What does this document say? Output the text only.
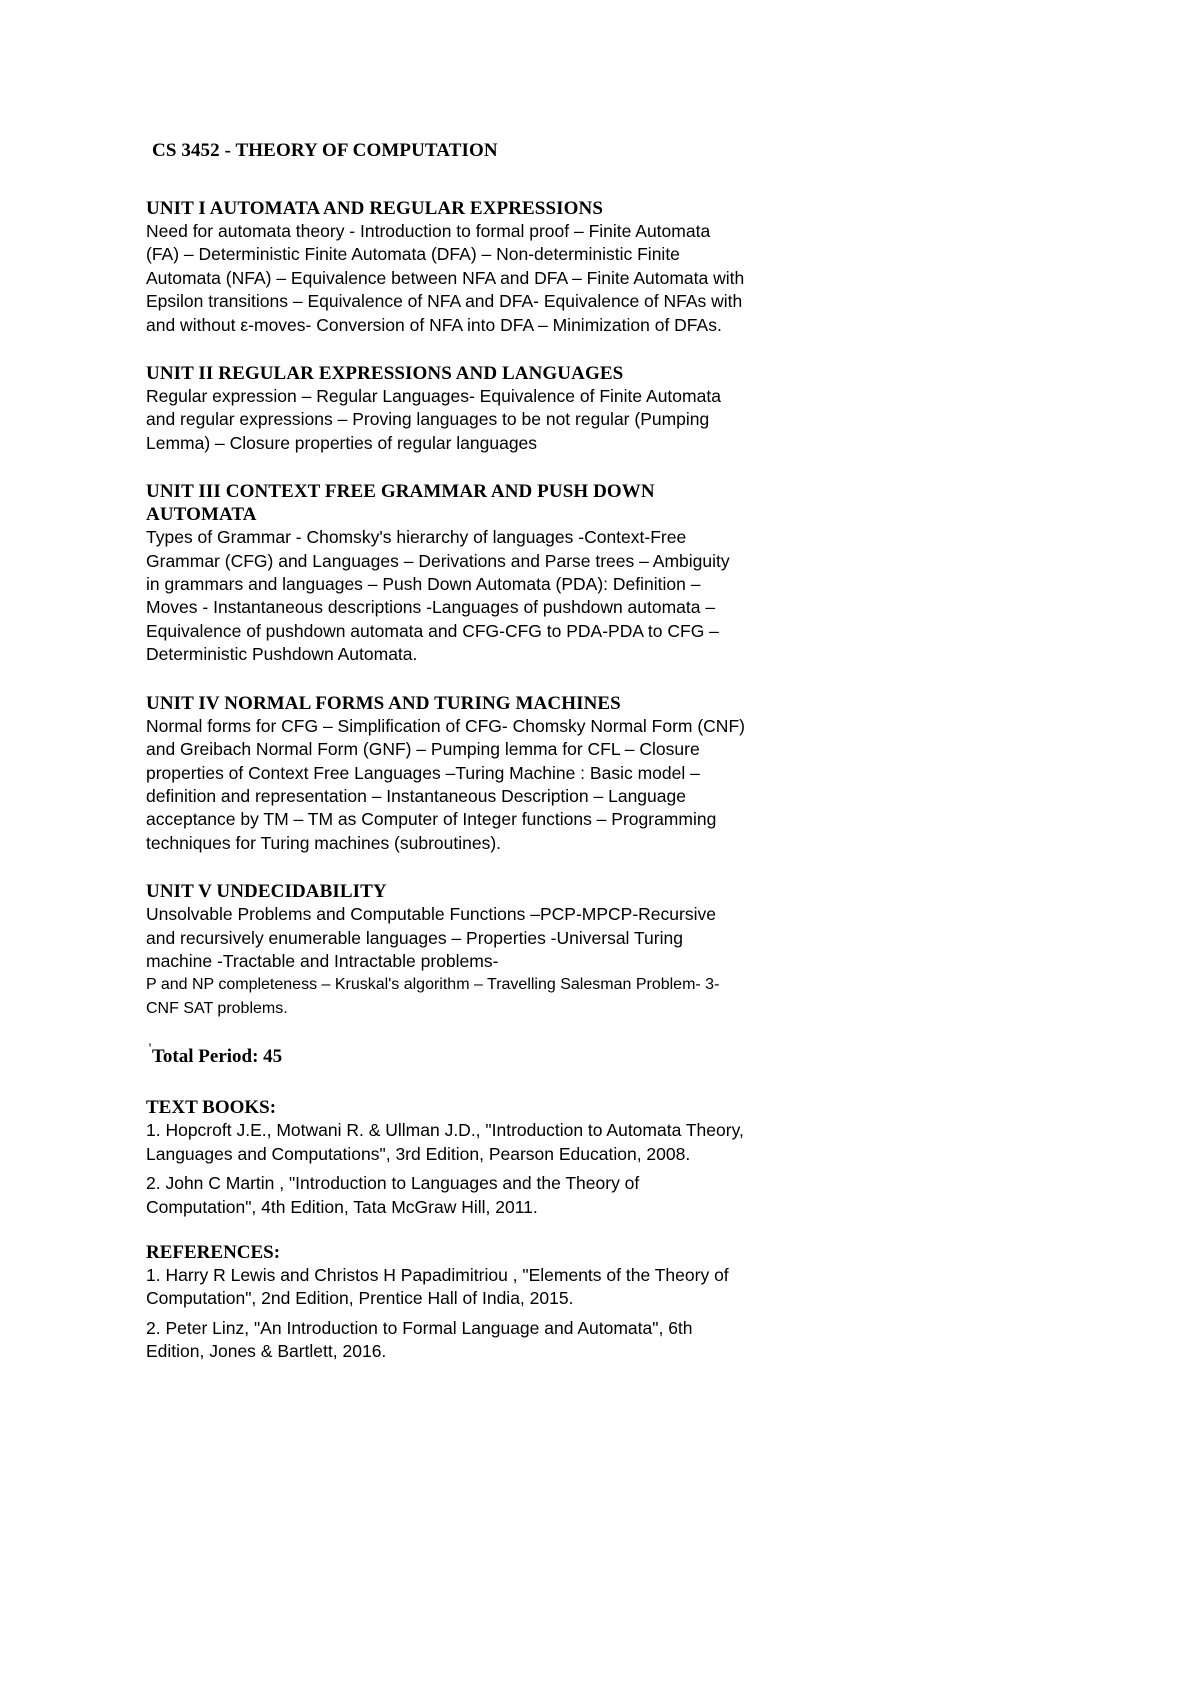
CS 3452 - THEORY OF COMPUTATION
UNIT I AUTOMATA AND REGULAR EXPRESSIONS
Need for automata theory - Introduction to formal proof – Finite Automata (FA) – Deterministic Finite Automata (DFA) – Non-deterministic Finite Automata (NFA) – Equivalence between NFA and DFA – Finite Automata with Epsilon transitions – Equivalence of NFA and DFA- Equivalence of NFAs with and without ε-moves- Conversion of NFA into DFA – Minimization of DFAs.
UNIT II REGULAR EXPRESSIONS AND LANGUAGES
Regular expression – Regular Languages- Equivalence of Finite Automata and regular expressions – Proving languages to be not regular (Pumping Lemma) – Closure properties of regular languages
UNIT III CONTEXT FREE GRAMMAR AND PUSH DOWN AUTOMATA
Types of Grammar - Chomsky's hierarchy of languages -Context-Free Grammar (CFG) and Languages – Derivations and Parse trees – Ambiguity in grammars and languages – Push Down Automata (PDA): Definition – Moves - Instantaneous descriptions -Languages of pushdown automata – Equivalence of pushdown automata and CFG-CFG to PDA-PDA to CFG – Deterministic Pushdown Automata.
UNIT IV NORMAL FORMS AND TURING MACHINES
Normal forms for CFG – Simplification of CFG- Chomsky Normal Form (CNF) and Greibach Normal Form (GNF) – Pumping lemma for CFL – Closure properties of Context Free Languages –Turing Machine : Basic model – definition and representation – Instantaneous Description – Language acceptance by TM – TM as Computer of Integer functions – Programming techniques for Turing machines (subroutines).
UNIT V UNDECIDABILITY
Unsolvable Problems and Computable Functions –PCP-MPCP-Recursive and recursively enumerable languages – Properties -Universal Turing machine -Tractable and Intractable problems-
P and NP completeness – Kruskal's algorithm – Travelling Salesman Problem- 3-CNF SAT problems.
,
Total Period: 45
TEXT BOOKS:
1. Hopcroft J.E., Motwani R. & Ullman J.D., "Introduction to Automata Theory, Languages and Computations", 3rd Edition, Pearson Education, 2008.
2. John C Martin , "Introduction to Languages and the Theory of Computation", 4th Edition, Tata McGraw Hill, 2011.
REFERENCES:
1. Harry R Lewis and Christos H Papadimitriou , "Elements of the Theory of Computation", 2nd Edition, Prentice Hall of India, 2015.
2. Peter Linz, "An Introduction to Formal Language and Automata", 6th Edition, Jones & Bartlett, 2016.
